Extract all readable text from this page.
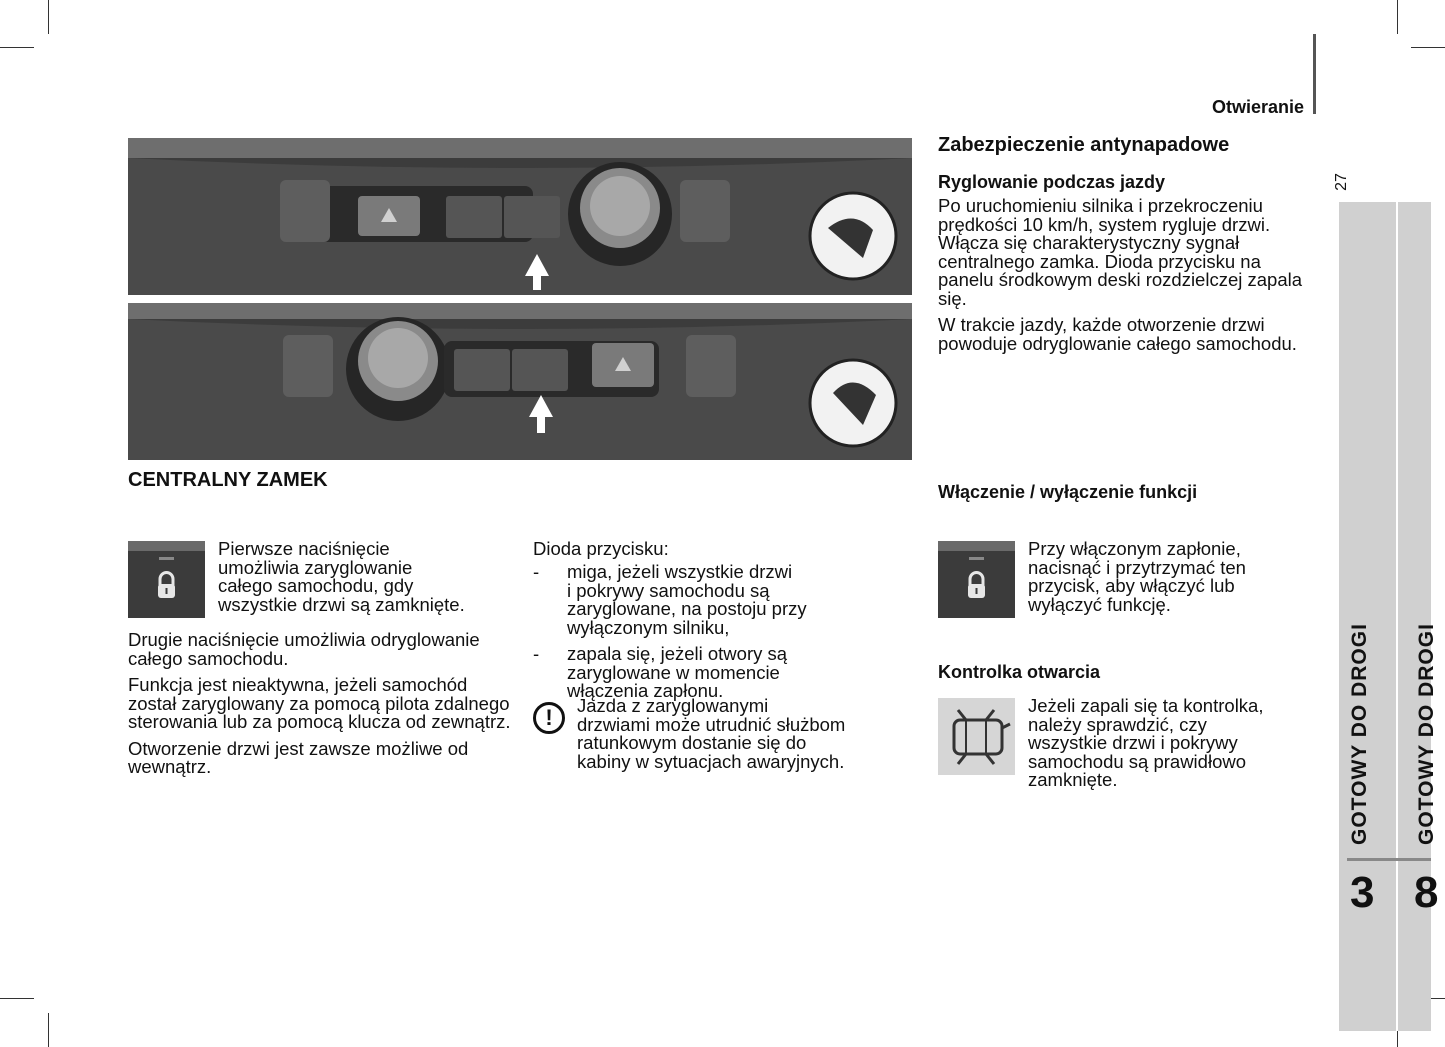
Otwieranie
27
GOTOWY DO DROGI GOTOWY DO DROGI
3 8
Zabezpieczenie antynapadowe
Ryglowanie podczas jazdy

Po uruchomieniu silnika i przekroczeniu prędkości 10 km/h, system rygluje drzwi. Włącza się charakterystyczny sygnał centralnego zamka. Dioda przycisku na panelu środkowym deski rozdzielczej zapala się.

W trakcie jazdy, każde otworzenie drzwi powoduje odryglowanie całego samochodu.

CENTRALNY ZAMEK
Pierwsze naciśnięcie
umożliwia zaryglowanie
całego samochodu, gdy
wszystkie drzwi są zamknięte.

Drugie naciśnięcie umożliwia odryglowanie całego samochodu.

Funkcja jest nieaktywna, jeżeli samochód został zaryglowany za pomocą pilota zdalnego sterowania lub za pomocą klucza od zewnątrz.

Otworzenie drzwi jest zawsze możliwe od wewnątrz.

Dioda przycisku:
-	miga, jeżeli wszystkie drzwi
i pokrywy samochodu są
zaryglowane, na postoju przy
wyłączonym silniku,
-	zapala się, jeżeli otwory są
zaryglowane w momencie
włączenia zapłonu.
!	Jazda z zaryglowanymi
drzwiami może utrudnić służbom
ratunkowym dostanie się do
kabiny w sytuacjach awaryjnych.
Włączenie / wyłączenie funkcji
Przy włączonym zapłonie,
nacisnąć i przytrzymać ten
przycisk, aby włączyć lub
wyłączyć funkcję.
Kontrolka otwarcia
Jeżeli zapali się ta kontrolka,
należy sprawdzić, czy
wszystkie drzwi i pokrywy
samochodu są prawidłowo
zamknięte.
